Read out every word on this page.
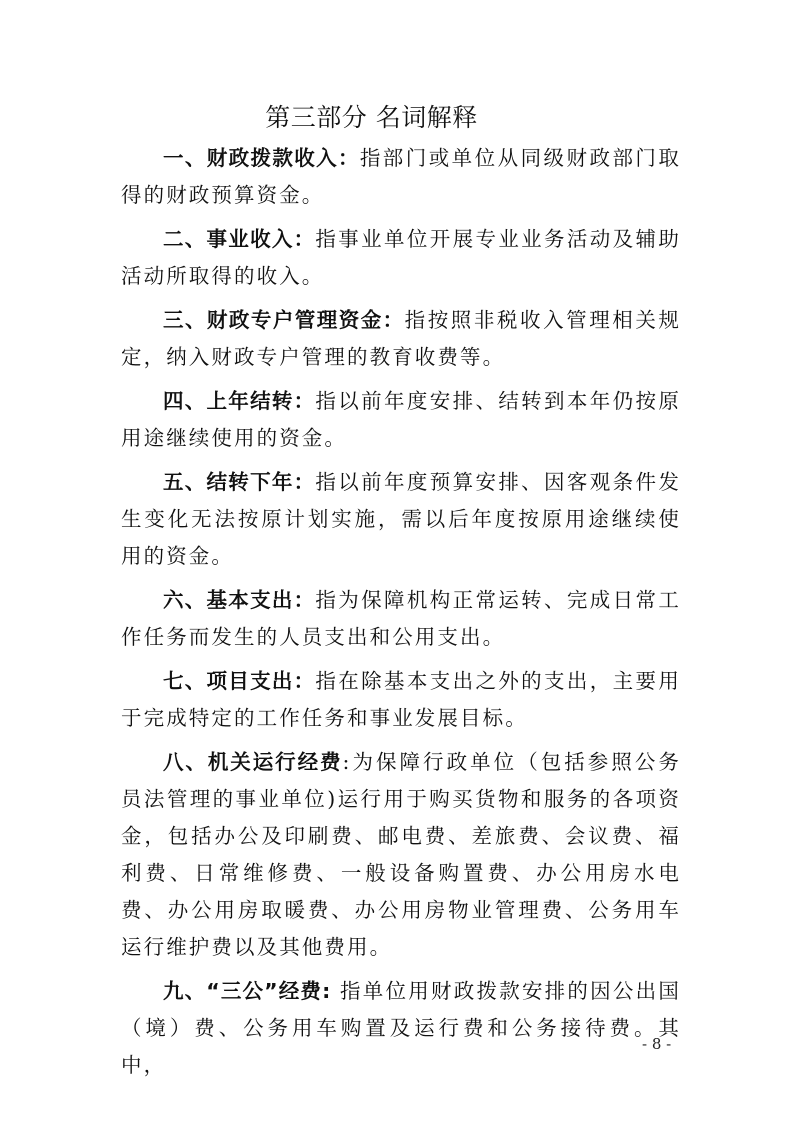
第三部分 名词解释

一、财政拨款收入：指部门或单位从同级财政部门取得的财政预算资金。

二、事业收入：指事业单位开展专业业务活动及辅助活动所取得的收入。

三、财政专户管理资金：指按照非税收入管理相关规定，纳入财政专户管理的教育收费等。

四、上年结转：指以前年度安排、结转到本年仍按原用途继续使用的资金。

五、结转下年：指以前年度预算安排、因客观条件发生变化无法按原计划实施，需以后年度按原用途继续使用的资金。

六、基本支出：指为保障机构正常运转、完成日常工作任务而发生的人员支出和公用支出。

七、项目支出：指在除基本支出之外的支出，主要用于完成特定的工作任务和事业发展目标。

八、机关运行经费:为保障行政单位（包括参照公务员法管理的事业单位)运行用于购买货物和服务的各项资金，包括办公及印刷费、邮电费、差旅费、会议费、福利费、日常维修费、一般设备购置费、办公用房水电费、办公用房取暖费、办公用房物业管理费、公务用车运行维护费以及其他费用。

九、“三公”经费: 指单位用财政拨款安排的因公出国（境）费、公务用车购置及运行费和公务接待费。其中，

- 8 -
